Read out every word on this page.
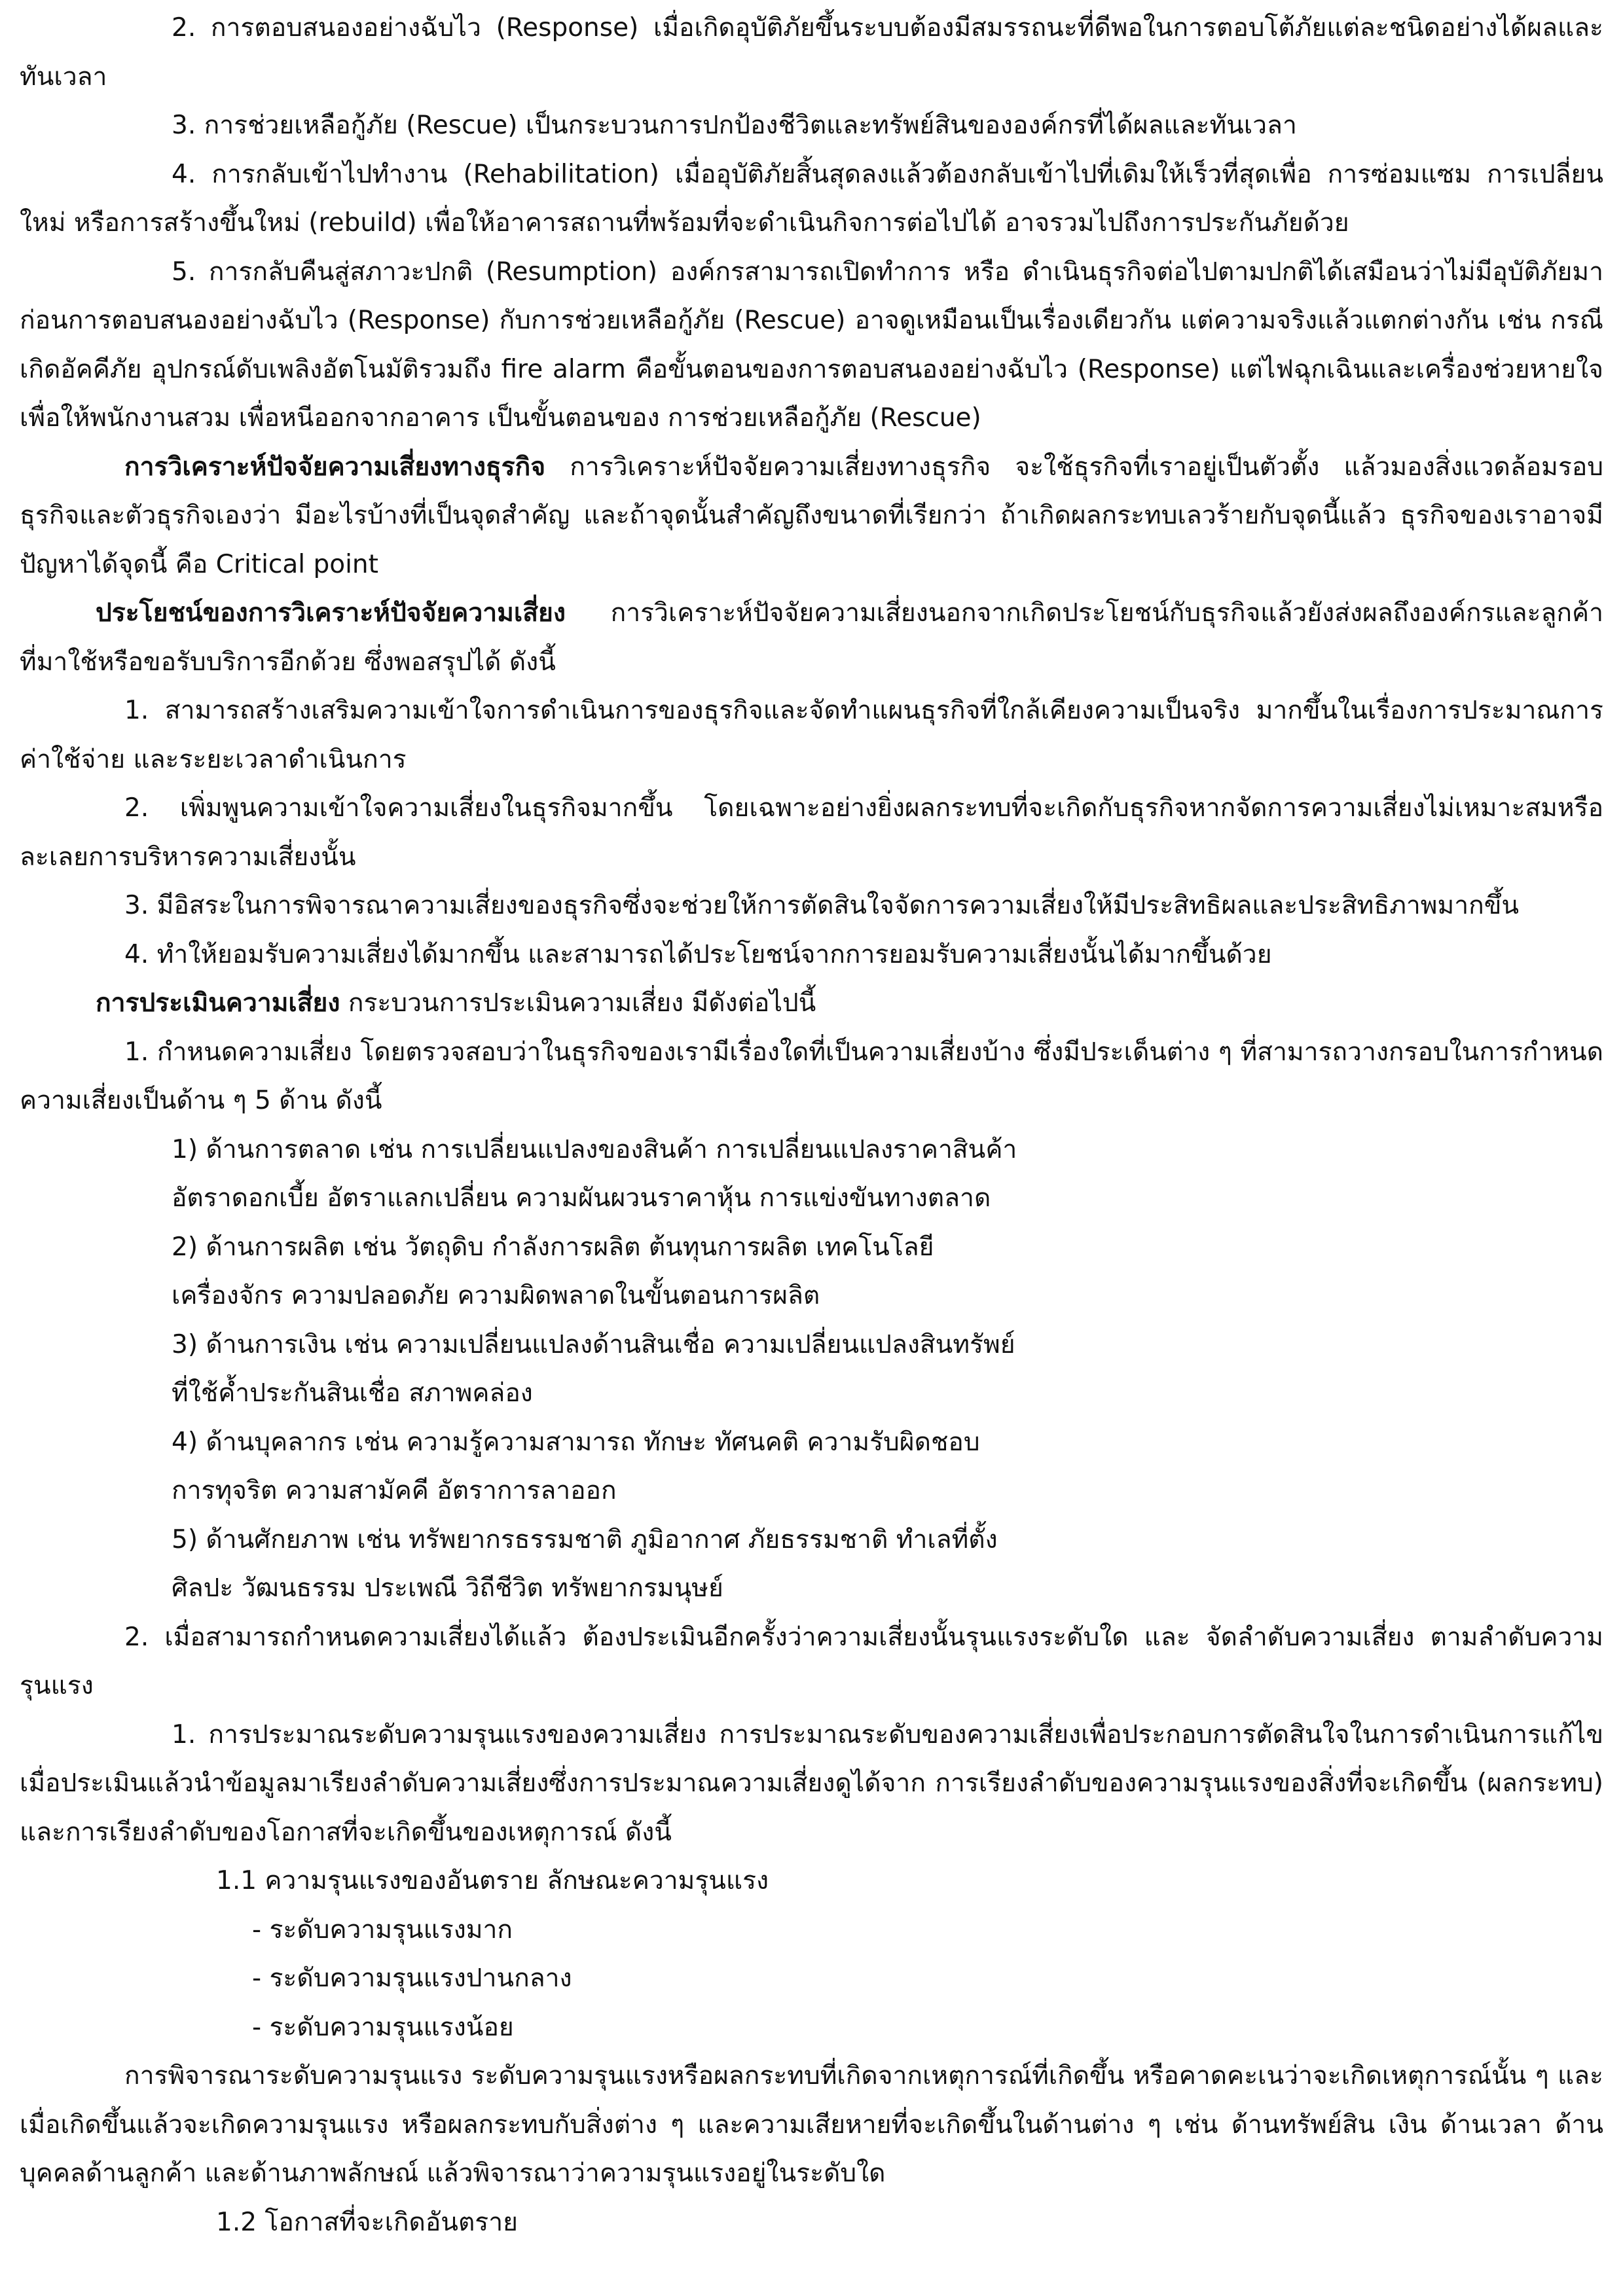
2. การตอบสนองอย่างฉับไว (Response) เมื่อเกิดอุบัติภัยขึ้นระบบต้องมีสมรรถนะที่ดีพอในการตอบโต้ภัยแต่ละชนิดอย่างได้ผลและทันเวลา

3. การช่วยเหลือกู้ภัย (Rescue) เป็นกระบวนการปกป้องชีวิตและทรัพย์สินขององค์กรที่ได้ผลและทันเวลา

4. การกลับเข้าไปทำงาน (Rehabilitation) เมื่ออุบัติภัยสิ้นสุดลงแล้วต้องกลับเข้าไปที่เดิมให้เร็วที่สุดเพื่อ การซ่อมแซม การเปลี่ยนใหม่ หรือการสร้างขึ้นใหม่ (rebuild) เพื่อให้อาคารสถานที่พร้อมที่จะดำเนินกิจการต่อไปได้ อาจรวมไปถึงการประกันภัยด้วย

5. การกลับคืนสู่สภาวะปกติ (Resumption) องค์กรสามารถเปิดทำการ หรือ ดำเนินธุรกิจต่อไปตามปกติได้เสมือนว่าไม่มีอุบัติภัยมาก่อนการตอบสนองอย่างฉับไว (Response) กับการช่วยเหลือกู้ภัย (Rescue) อาจดูเหมือนเป็นเรื่องเดียวกัน แต่ความจริงแล้วแตกต่างกัน เช่น กรณีเกิดอัคคีภัย อุปกรณ์ดับเพลิงอัตโนมัติรวมถึง fire alarm คือขั้นตอนของการตอบสนองอย่างฉับไว (Response) แต่ไฟฉุกเฉินและเครื่องช่วยหายใจเพื่อให้พนักงานสวม เพื่อหนีออกจากอาคาร เป็นขั้นตอนของ การช่วยเหลือกู้ภัย (Rescue)

การวิเคราะห์ปัจจัยความเสี่ยงทางธุรกิจ การวิเคราะห์ปัจจัยความเสี่ยงทางธุรกิจ จะใช้ธุรกิจที่เราอยู่เป็นตัวตั้ง แล้วมองสิ่งแวดล้อมรอบธุรกิจและตัวธุรกิจเองว่า มีอะไรบ้างที่เป็นจุดสำคัญ และถ้าจุดนั้นสำคัญถึงขนาดที่เรียกว่า ถ้าเกิดผลกระทบเลวร้ายกับจุดนี้แล้ว ธุรกิจของเราอาจมีปัญหาได้จุดนี้ คือ Critical point

ประโยชน์ของการวิเคราะห์ปัจจัยความเสี่ยง การวิเคราะห์ปัจจัยความเสี่ยงนอกจากเกิดประโยชน์กับธุรกิจแล้วยังส่งผลถึงองค์กรและลูกค้าที่มาใช้หรือขอรับบริการอีกด้วย ซึ่งพอสรุปได้ ดังนี้

1. สามารถสร้างเสริมความเข้าใจการดำเนินการของธุรกิจและจัดทำแผนธุรกิจที่ใกล้เคียงความเป็นจริง มากขึ้นในเรื่องการประมาณการค่าใช้จ่าย และระยะเวลาดำเนินการ

2. เพิ่มพูนความเข้าใจความเสี่ยงในธุรกิจมากขึ้น โดยเฉพาะอย่างยิ่งผลกระทบที่จะเกิดกับธุรกิจหากจัดการความเสี่ยงไม่เหมาะสมหรือละเลยการบริหารความเสี่ยงนั้น

3. มีอิสระในการพิจารณาความเสี่ยงของธุรกิจซึ่งจะช่วยให้การตัดสินใจจัดการความเสี่ยงให้มีประสิทธิผลและประสิทธิภาพมากขึ้น

4. ทำให้ยอมรับความเสี่ยงได้มากขึ้น และสามารถได้ประโยชน์จากการยอมรับความเสี่ยงนั้นได้มากขึ้นด้วย

การประเมินความเสี่ยง กระบวนการประเมินความเสี่ยง มีดังต่อไปนี้

1. กำหนดความเสี่ยง โดยตรวจสอบว่าในธุรกิจของเรามีเรื่องใดที่เป็นความเสี่ยงบ้าง ซึ่งมีประเด็นต่าง ๆ ที่สามารถวางกรอบในการกำหนดความเสี่ยงเป็นด้าน ๆ 5 ด้าน ดังนี้

1) ด้านการตลาด เช่น การเปลี่ยนแปลงของสินค้า การเปลี่ยนแปลงราคาสินค้า

อัตราดอกเบี้ย อัตราแลกเปลี่ยน ความผันผวนราคาหุ้น การแข่งขันทางตลาด

2) ด้านการผลิต เช่น วัตถุดิบ กำลังการผลิต ต้นทุนการผลิต เทคโนโลยี

เครื่องจักร ความปลอดภัย ความผิดพลาดในขั้นตอนการผลิต

3) ด้านการเงิน เช่น ความเปลี่ยนแปลงด้านสินเชื่อ ความเปลี่ยนแปลงสินทรัพย์

ที่ใช้ค้ำประกันสินเชื่อ สภาพคล่อง

4) ด้านบุคลากร เช่น ความรู้ความสามารถ ทักษะ ทัศนคติ ความรับผิดชอบ

การทุจริต ความสามัคคี อัตราการลาออก

5) ด้านศักยภาพ เช่น ทรัพยากรธรรมชาติ ภูมิอากาศ ภัยธรรมชาติ ทำเลที่ตั้ง

ศิลปะ วัฒนธรรม ประเพณี วิถีชีวิต ทรัพยากรมนุษย์

2. เมื่อสามารถกำหนดความเสี่ยงได้แล้ว ต้องประเมินอีกครั้งว่าความเสี่ยงนั้นรุนแรงระดับใด และ จัดลำดับความเสี่ยง ตามลำดับความรุนแรง

1. การประมาณระดับความรุนแรงของความเสี่ยง การประมาณระดับของความเสี่ยงเพื่อประกอบการตัดสินใจในการดำเนินการแก้ไข เมื่อประเมินแล้วนำข้อมูลมาเรียงลำดับความเสี่ยงซึ่งการประมาณความเสี่ยงดูได้จาก การเรียงลำดับของความรุนแรงของสิ่งที่จะเกิดขึ้น (ผลกระทบ) และการเรียงลำดับของโอกาสที่จะเกิดขึ้นของเหตุการณ์ ดังนี้

1.1 ความรุนแรงของอันตราย ลักษณะความรุนแรง

- ระดับความรุนแรงมาก

- ระดับความรุนแรงปานกลาง

- ระดับความรุนแรงน้อย

การพิจารณาระดับความรุนแรง ระดับความรุนแรงหรือผลกระทบที่เกิดจากเหตุการณ์ที่เกิดขึ้น หรือคาดคะเนว่าจะเกิดเหตุการณ์นั้น ๆ และเมื่อเกิดขึ้นแล้วจะเกิดความรุนแรง หรือผลกระทบกับสิ่งต่าง ๆ และความเสียหายที่จะเกิดขึ้นในด้านต่าง ๆ เช่น ด้านทรัพย์สิน เงิน ด้านเวลา ด้านบุคคลด้านลูกค้า และด้านภาพลักษณ์ แล้วพิจารณาว่าความรุนแรงอยู่ในระดับใด

1.2 โอกาสที่จะเกิดอันตราย
